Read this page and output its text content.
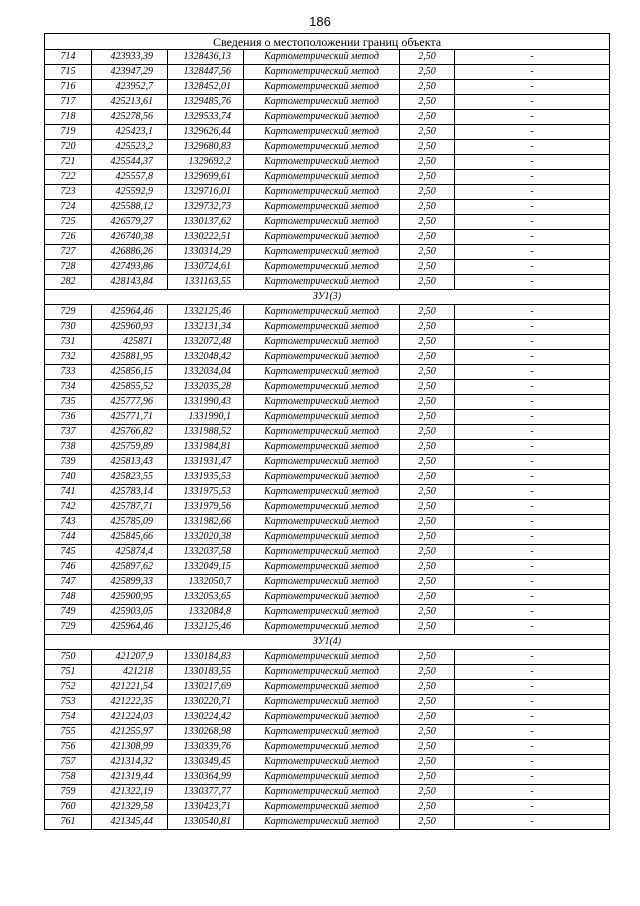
186
Сведения о местоположении границ объекта					
714	423933,39	1328436,13	Картометрический метод	2,50	-
715	423947,29	1328447,56	Картометрический метод	2,50	-
716	423952,7	1328452,01	Картометрический метод	2,50	-
717	425213,61	1329485,76	Картометрический метод	2,50	-
718	425278,56	1329533,74	Картометрический метод	2,50	-
719	425423,1	1329626,44	Картометрический метод	2,50	-
720	425523,2	1329680,83	Картометрический метод	2,50	-
721	425544,37	1329692,2	Картометрический метод	2,50	-
722	425557,8	1329699,61	Картометрический метод	2,50	-
723	425592,9	1329716,01	Картометрический метод	2,50	-
724	425588,12	1329732,73	Картометрический метод	2,50	-
725	426579,27	1330137,62	Картометрический метод	2,50	-
726	426740,38	1330222,51	Картометрический метод	2,50	-
727	426886,26	1330314,29	Картометрический метод	2,50	-
728	427493,86	1330724,61	Картометрический метод	2,50	-
282	428143,84	1331163,55	Картометрический метод	2,50	-
ЗУ1(3)					
729	425964,46	1332125,46	Картометрический метод	2,50	-
730	425960,93	1332131,34	Картометрический метод	2,50	-
731	425871	1332072,48	Картометрический метод	2,50	-
732	425881,95	1332048,42	Картометрический метод	2,50	-
733	425856,15	1332034,04	Картометрический метод	2,50	-
734	425855,52	1332035,28	Картометрический метод	2,50	-
735	425777,96	1331990,43	Картометрический метод	2,50	-
736	425771,71	1331990,1	Картометрический метод	2,50	-
737	425766,82	1331988,52	Картометрический метод	2,50	-
738	425759,89	1331984,81	Картометрический метод	2,50	-
739	425813,43	1331931,47	Картометрический метод	2,50	-
740	425823,55	1331935,53	Картометрический метод	2,50	-
741	425783,14	1331975,53	Картометрический метод	2,50	-
742	425787,71	1331979,56	Картометрический метод	2,50	-
743	425785,09	1331982,66	Картометрический метод	2,50	-
744	425845,66	1332020,38	Картометрический метод	2,50	-
745	425874,4	1332037,58	Картометрический метод	2,50	-
746	425897,62	1332049,15	Картометрический метод	2,50	-
747	425899,33	1332050,7	Картометрический метод	2,50	-
748	425900,95	1332053,65	Картометрический метод	2,50	-
749	425903,05	1332084,8	Картометрический метод	2,50	-
729	425964,46	1332125,46	Картометрический метод	2,50	-
ЗУ1(4)					
750	421207,9	1330184,83	Картометрический метод	2,50	-
751	421218	1330183,55	Картометрический метод	2,50	-
752	421221,54	1330217,69	Картометрический метод	2,50	-
753	421222,35	1330220,71	Картометрический метод	2,50	-
754	421224,03	1330224,42	Картометрический метод	2,50	-
755	421255,97	1330268,98	Картометрический метод	2,50	-
756	421308,99	1330339,76	Картометрический метод	2,50	-
757	421314,32	1330349,45	Картометрический метод	2,50	-
758	421319,44	1330364,99	Картометрический метод	2,50	-
759	421322,19	1330377,77	Картометрический метод	2,50	-
760	421329,58	1330423,71	Картометрический метод	2,50	-
761	421345,44	1330540,81	Картометрический метод	2,50	-
